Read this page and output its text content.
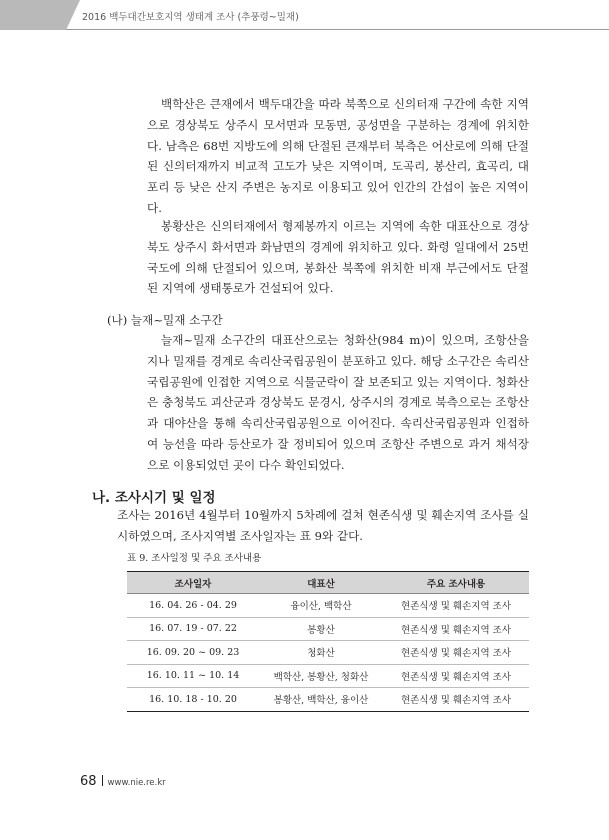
2016 백두대간보호지역 생태계 조사 (추풍령~밀재)

백학산은 큰재에서 백두대간을 따라 북쪽으로 신의터재 구간에 속한 지역으로 경상북도 상주시 모서면과 모동면, 공성면을 구분하는 경계에 위치한다. 남측은 68번 지방도에 의해 단절된 큰재부터 북측은 어산로에 의해 단절된 신의터재까지 비교적 고도가 낮은 지역이며, 도곡리, 봉산리, 효곡리, 대포리 등 낮은 산지 주변은 농지로 이용되고 있어 인간의 간섭이 높은 지역이다.

봉황산은 신의터재에서 형제봉까지 이르는 지역에 속한 대표산으로 경상북도 상주시 화서면과 화남면의 경계에 위치하고 있다. 화령 일대에서 25번 국도에 의해 단절되어 있으며, 봉화산 북쪽에 위치한 비재 부근에서도 단절된 지역에 생태통로가 건설되어 있다.

(나) 늘재~밀재 소구간

늘재~밀재 소구간의 대표산으로는 청화산(984 m)이 있으며, 조항산을 지나 밀재를 경계로 속리산국립공원이 분포하고 있다. 해당 소구간은 속리산국립공원에 인접한 지역으로 식물군락이 잘 보존되고 있는 지역이다. 청화산은 충청북도 괴산군과 경상북도 문경시, 상주시의 경계로 북측으로는 조항산과 대야산을 통해 속리산국립공원으로 이어진다. 속리산국립공원과 인접하여 능선을 따라 등산로가 잘 정비되어 있으며 조항산 주변으로 과거 채석장으로 이용되었던 곳이 다수 확인되었다.

나. 조사시기 및 일정

조사는 2016년 4월부터 10월까지 5차례에 걸쳐 현존식생 및 훼손지역 조사를 실시하였으며, 조사지역별 조사일자는 표 9와 같다.

표 9. 조사일정 및 주요 조사내용

조사일자	대표산	주요 조사내용
16. 04. 26 - 04. 29	융이산, 백학산	현존식생 및 훼손지역 조사
16. 07. 19 - 07. 22	봉황산	현존식생 및 훼손지역 조사
16. 09. 20 ~ 09. 23	청화산	현존식생 및 훼손지역 조사
16. 10. 11 ~ 10. 14	백학산, 봉황산, 청화산	현존식생 및 훼손지역 조사
16. 10. 18 - 10. 20	봉황산, 백학산, 융이산	현존식생 및 훼손지역 조사
68 www.nie.re.kr
